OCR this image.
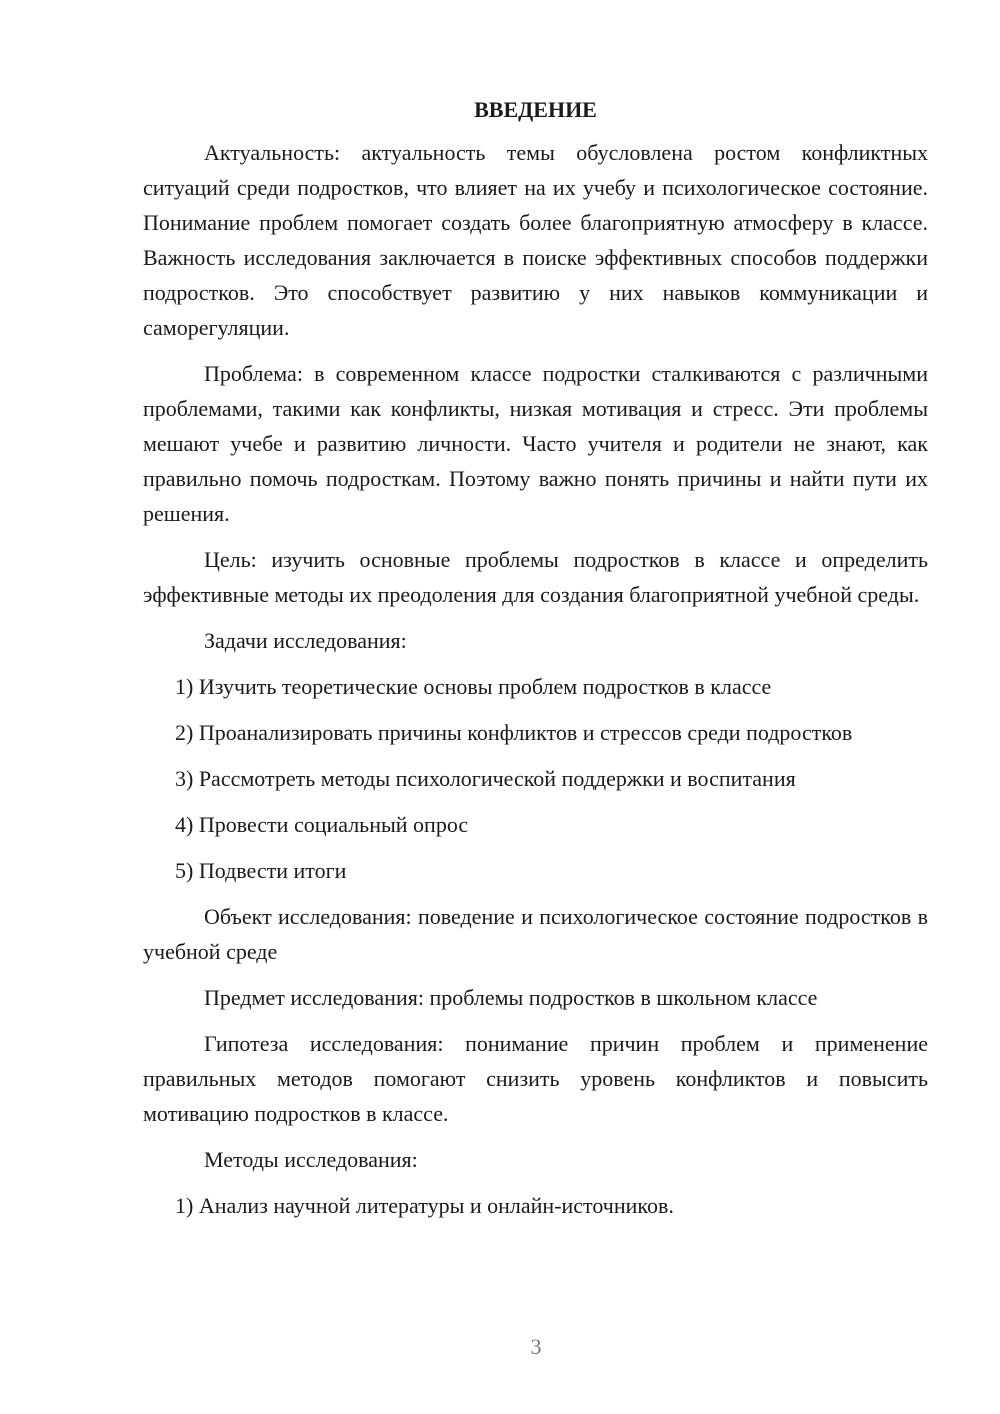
ВВЕДЕНИЕ
Актуальность: актуальность темы обусловлена ростом конфликтных ситуаций среди подростков, что влияет на их учебу и психологическое состояние. Понимание проблем помогает создать более благоприятную атмосферу в классе. Важность исследования заключается в поиске эффективных способов поддержки подростков. Это способствует развитию у них навыков коммуникации и саморегуляции.
Проблема: в современном классе подростки сталкиваются с различными проблемами, такими как конфликты, низкая мотивация и стресс. Эти проблемы мешают учебе и развитию личности. Часто учителя и родители не знают, как правильно помочь подросткам. Поэтому важно понять причины и найти пути их решения.
Цель: изучить основные проблемы подростков в классе и определить эффективные методы их преодоления для создания благоприятной учебной среды.
Задачи исследования:
1) Изучить теоретические основы проблем подростков в классе
2) Проанализировать причины конфликтов и стрессов среди подростков
3) Рассмотреть методы психологической поддержки и воспитания
4) Провести социальный опрос
5) Подвести итоги
Объект исследования: поведение и психологическое состояние подростков в учебной среде
Предмет исследования: проблемы подростков в школьном классе
Гипотеза исследования: понимание причин проблем и применение правильных методов помогают снизить уровень конфликтов и повысить мотивацию подростков в классе.
Методы исследования:
1) Анализ научной литературы и онлайн-источников.
3
